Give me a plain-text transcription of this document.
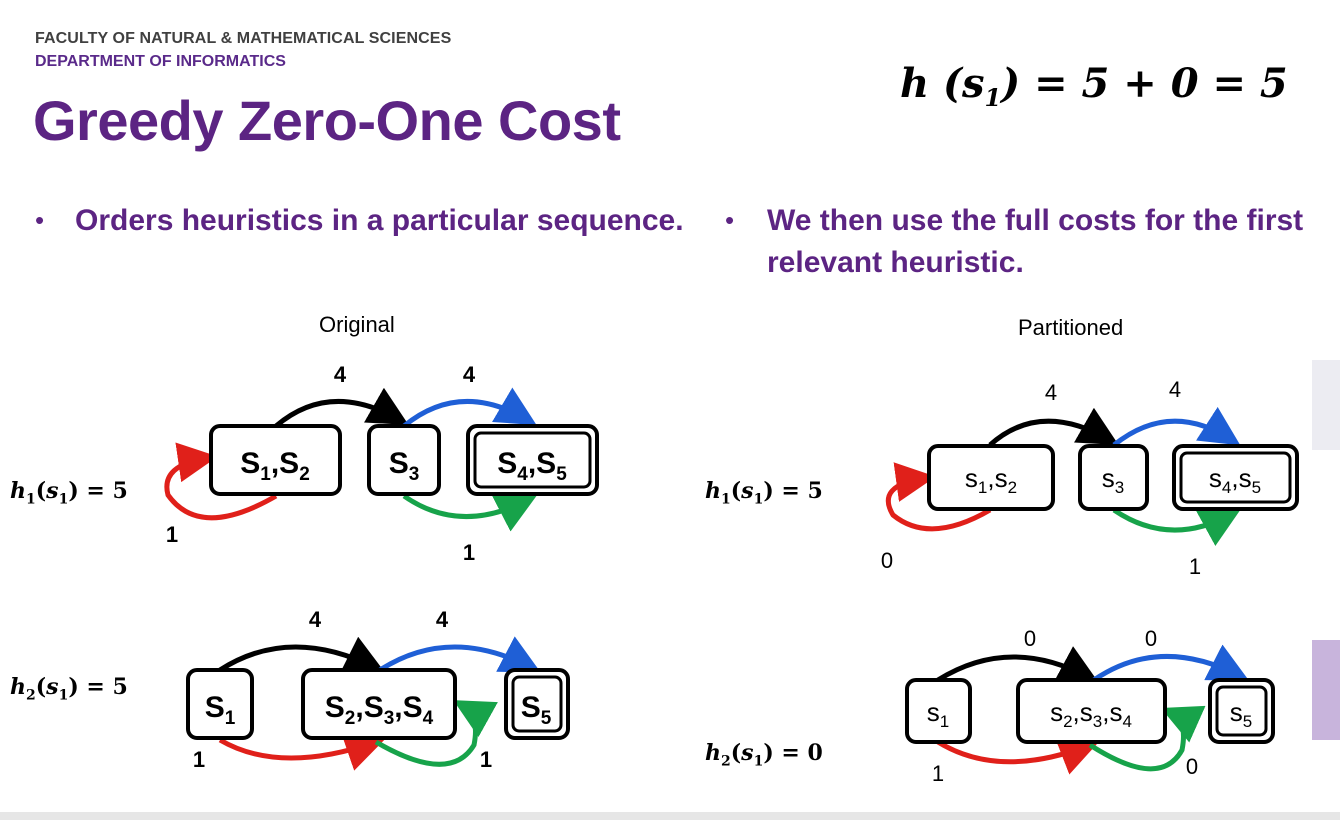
FACULTY OF NATURAL & MATHEMATICAL SCIENCES
DEPARTMENT OF INFORMATICS
Greedy Zero-One Cost
h $(s_1) = 5 + 0 = 5$
• Orders heuristics in a particular sequence. • We then use the full costs for the first
relevant heuristic.
Original	Partitioned
$h_1(s_1) = 5$
$h_2(s_1) = 5$
$h_1(s_1) = 5$
$h_2(s_1) = 0$
$S_1,S_2$	$S_3$	$S_4,S_5$
4	4
1
1
$S_1$	$S_2,S_3,S_4$	$S_5$
4	4
1	1
$s_1,s_2$	$s_3$	$s_4,s_5$
4	4
1
0
$s_1$	$s_2,s_3,s_4$	$s_5$
0	0
1	0
